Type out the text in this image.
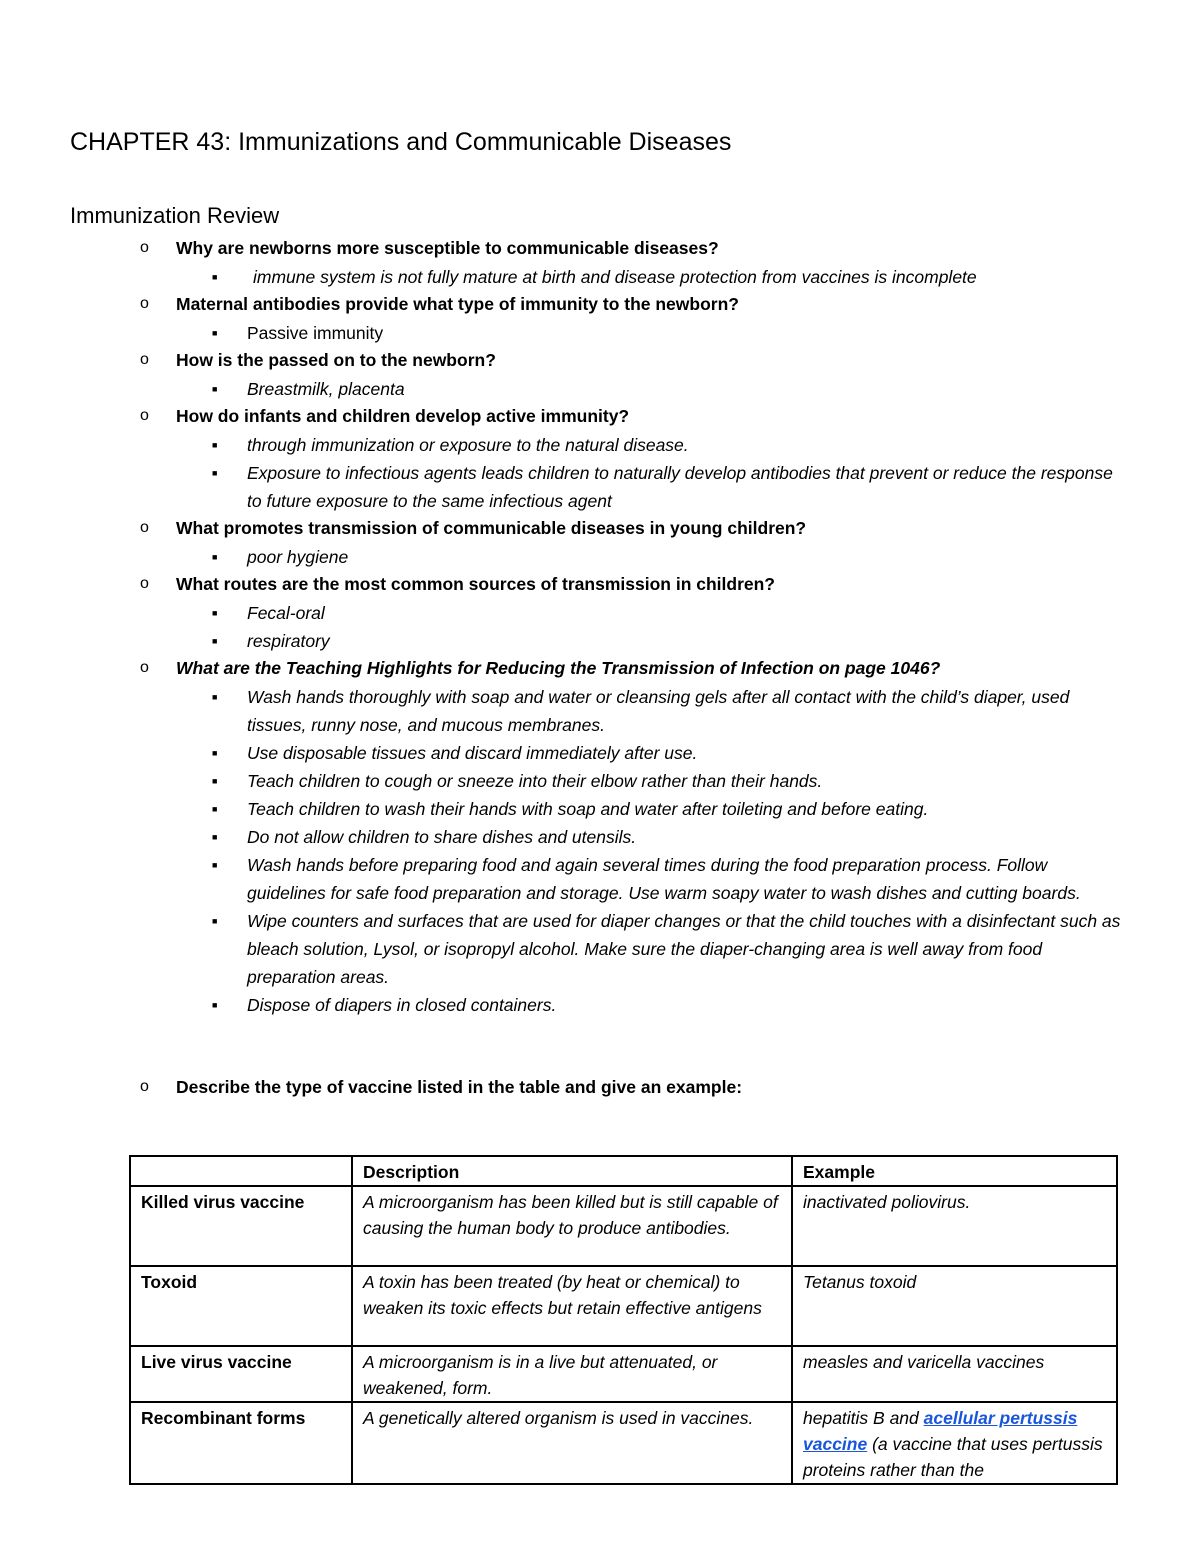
CHAPTER 43: Immunizations and Communicable Diseases
Immunization Review
o Why are newborns more susceptible to communicable diseases?
■ immune system is not fully mature at birth and disease protection from vaccines is incomplete
o Maternal antibodies provide what type of immunity to the newborn?
■ Passive immunity
o How is the passed on to the newborn?
■ Breastmilk, placenta
o How do infants and children develop active immunity?
■ through immunization or exposure to the natural disease.
■ Exposure to infectious agents leads children to naturally develop antibodies that prevent or reduce the response to future exposure to the same infectious agent
o What promotes transmission of communicable diseases in young children?
■ poor hygiene
o What routes are the most common sources of transmission in children?
■ Fecal-oral
■ respiratory
o What are the Teaching Highlights for Reducing the Transmission of Infection on page 1046?
■ Wash hands thoroughly with soap and water or cleansing gels after all contact with the child’s diaper, used tissues, runny nose, and mucous membranes.
■ Use disposable tissues and discard immediately after use.
■ Teach children to cough or sneeze into their elbow rather than their hands.
■ Teach children to wash their hands with soap and water after toileting and before eating.
■ Do not allow children to share dishes and utensils.
■ Wash hands before preparing food and again several times during the food preparation process. Follow guidelines for safe food preparation and storage. Use warm soapy water to wash dishes and cutting boards.
■ Wipe counters and surfaces that are used for diaper changes or that the child touches with a disinfectant such as bleach solution, Lysol, or isopropyl alcohol. Make sure the diaper-changing area is well away from food preparation areas.
■ Dispose of diapers in closed containers.
o Describe the type of vaccine listed in the table and give an example:
	Description	Example
Killed virus vaccine	A microorganism has been killed but is still capable of causing the human body to produce antibodies.	inactivated poliovirus.
Toxoid	A toxin has been treated (by heat or chemical) to weaken its toxic effects but retain effective antigens	Tetanus toxoid
Live virus vaccine	A microorganism is in a live but attenuated, or weakened, form.	measles and varicella vaccines
Recombinant forms	A genetically altered organism is used in vaccines.	hepatitis B and acellular pertussis vaccine (a vaccine that uses pertussis proteins rather than the
